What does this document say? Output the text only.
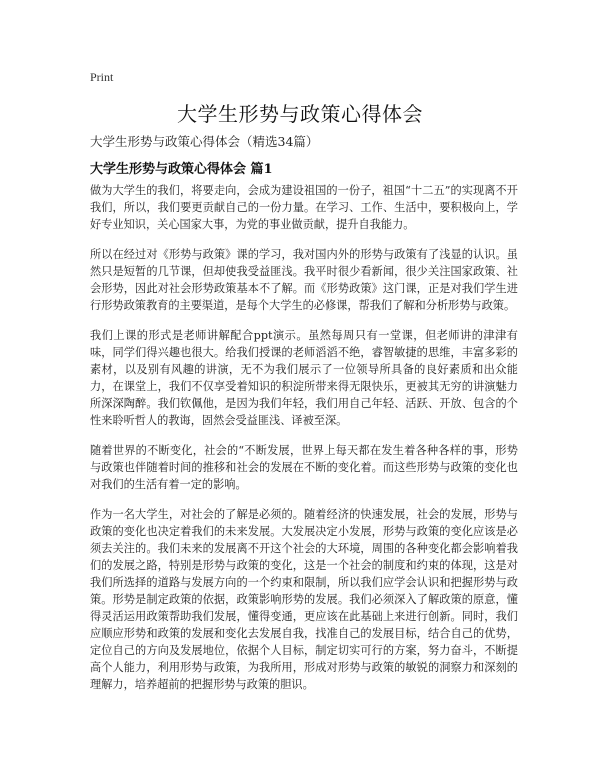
Print
大学生形势与政策心得体会
大学生形势与政策心得体会（精选34篇）
大学生形势与政策心得体会 篇1

做为大学生的我们，将要走向，会成为建设祖国的一份子，祖国“十二五”的实现离不开我们，所以，我们要更贡献自己的一份力量。在学习、工作、生活中，要积极向上，学好专业知识，关心国家大事，为党的事业做贡献，提升自我能力。

所以在经过对《形势与政策》课的学习，我对国内外的形势与政策有了浅显的认识。虽然只是短暂的几节课，但却使我受益匪浅。我平时很少看新闻，很少关注国家政策、社会形势，因此对社会形势政策基本不了解。而《形势政策》这门课，正是对我们学生进行形势政策教育的主要渠道，是每个大学生的必修课，帮我们了解和分析形势与政策。

我们上课的形式是老师讲解配合ppt演示。虽然每周只有一堂课，但老师讲的津津有味，同学们得兴趣也很大。给我们授课的老师滔滔不绝，睿智敏捷的思维，丰富多彩的素材，以及别有风趣的讲演，无不为我们展示了一位领导所具备的良好素质和出众能力，在课堂上，我们不仅享受着知识的积淀所带来得无限快乐，更被其无穷的讲演魅力所深深陶醉。我们钦佩他，是因为我们年轻，我们用自己年轻、活跃、开放、包含的个性来聆听哲人的教诲，固然会受益匪浅、译被至深。

随着世界的不断变化，社会的“不断发展，世界上每天都在发生着各种各样的事，形势与政策也伴随着时间的推移和社会的发展在不断的变化着。而这些形势与政策的变化也对我们的生活有着一定的影响。

作为一名大学生，对社会的了解是必须的。随着经济的快速发展，社会的发展，形势与政策的变化也决定着我们的未来发展。大发展决定小发展，形势与政策的变化应该是必须去关注的。我们未来的发展离不开这个社会的大环境，周围的各种变化都会影响着我们的发展之路，特别是形势与政策的变化，这是一个社会的制度和约束的体现，这是对我们所选择的道路与发展方向的一个约束和限制，所以我们应学会认识和把握形势与政策。形势是制定政策的依据，政策影响形势的发展。我们必须深入了解政策的原意，懂得灵活运用政策帮助我们发展，懂得变通，更应该在此基础上来进行创新。同时，我们应顺应形势和政策的发展和变化去发展自我，找准自己的发展目标，结合自己的优势，定位自己的方向及发展地位，依据个人目标，制定切实可行的方案，努力奋斗，不断提高个人能力，利用形势与政策，为我所用，形成对形势与政策的敏锐的洞察力和深刻的理解力，培养超前的把握形势与政策的胆识。
